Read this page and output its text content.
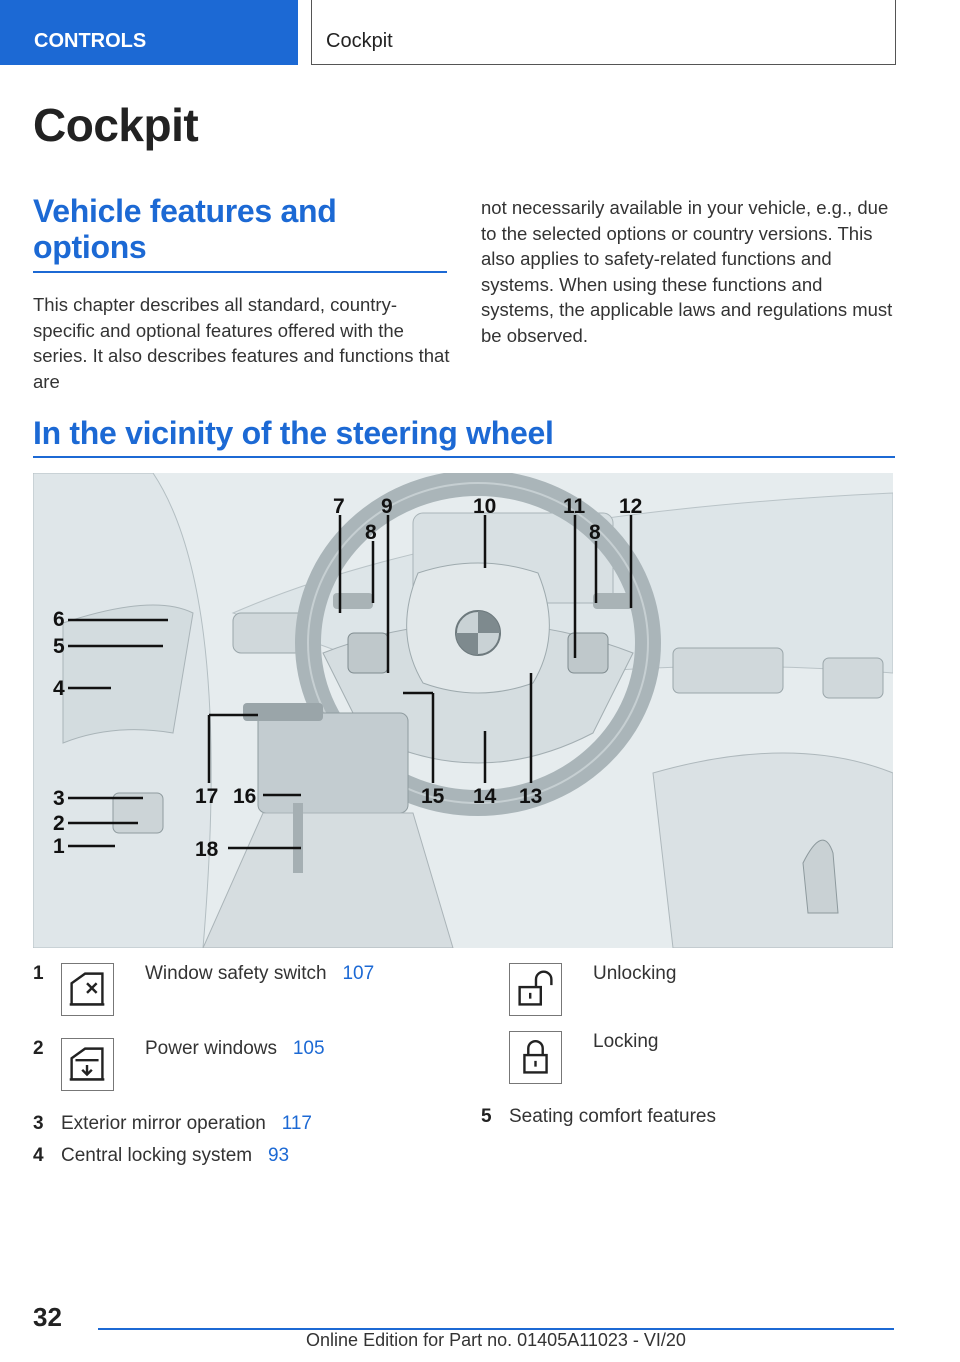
CONTROLS	Cockpit
Cockpit
Vehicle features and options
This chapter describes all standard, country-specific and optional features offered with the series. It also describes features and functions that are
not necessarily available in your vehicle, e.g., due to the selected options or country versions. This also applies to safety-related functions and systems. When using these functions and systems, the applicable laws and regulations must be observed.
In the vicinity of the steering wheel
6
5
4
3
2
1
7
8
9	10	11
8
12
13
14
15
16
17
18
1	Window safety switch 107
2	Power windows 105
3 Exterior mirror operation 117
4 Central locking system 93
Unlocking
Locking
5 Seating comfort features
32
Online Edition for Part no. 01405A11023 - VI/20
